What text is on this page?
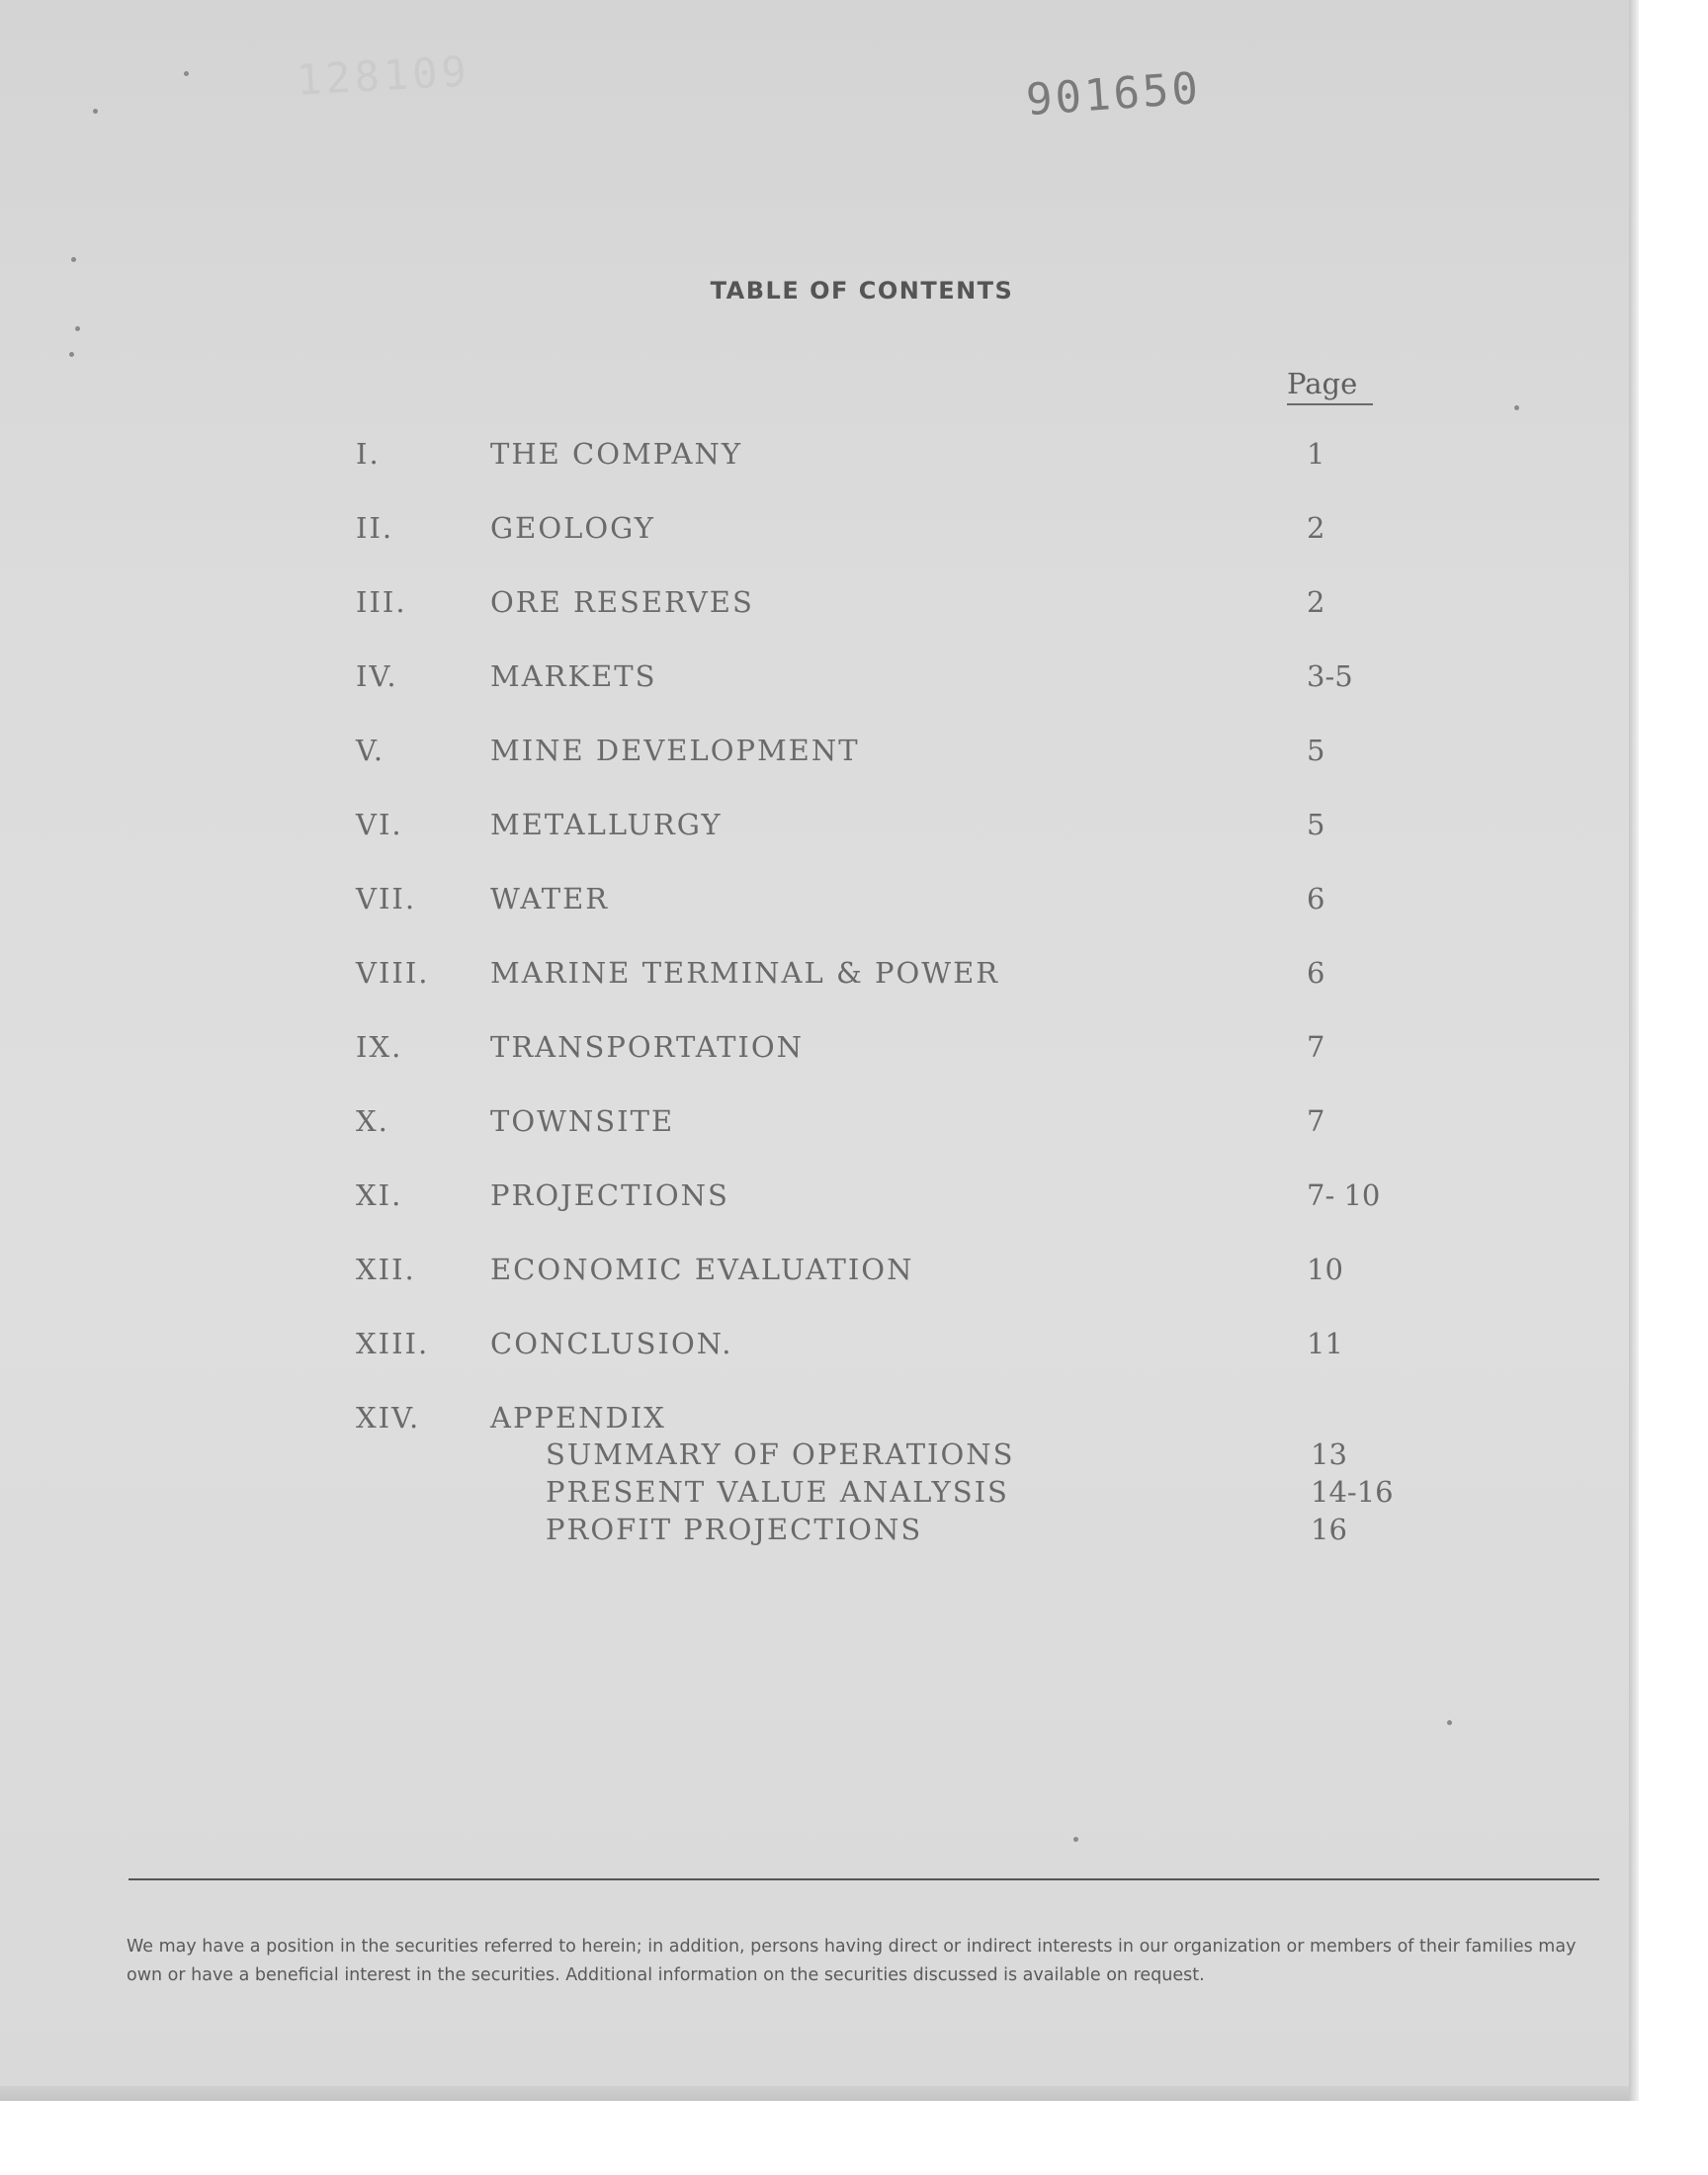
128109	901650
TABLE OF CONTENTS
Page
I.	THE COMPANY	1
II.	GEOLOGY	2
III.	ORE RESERVES	2
IV.	MARKETS	3-5
V.	MINE DEVELOPMENT	5
VI.	METALLURGY	5
VII.	WATER	6
VIII. MARINE TERMINAL & POWER	6
IX.	TRANSPORTATION	7
X.	TOWNSITE	7
XI.	PROJECTIONS	7- 10
XII.	ECONOMIC EVALUATION	10
XIII. CONCLUSION.	11
XIV. APPENDIX
SUMMARY OF OPERATIONS	13
PRESENT VALUE ANALYSIS	14-16
PROFIT PROJECTIONS	16
We may have a position in the securities referred to herein; in addition, persons having direct or indirect interests in our organization or members of their families may own or have a beneficial interest in the securities. Additional information on the securities discussed is available on request.
